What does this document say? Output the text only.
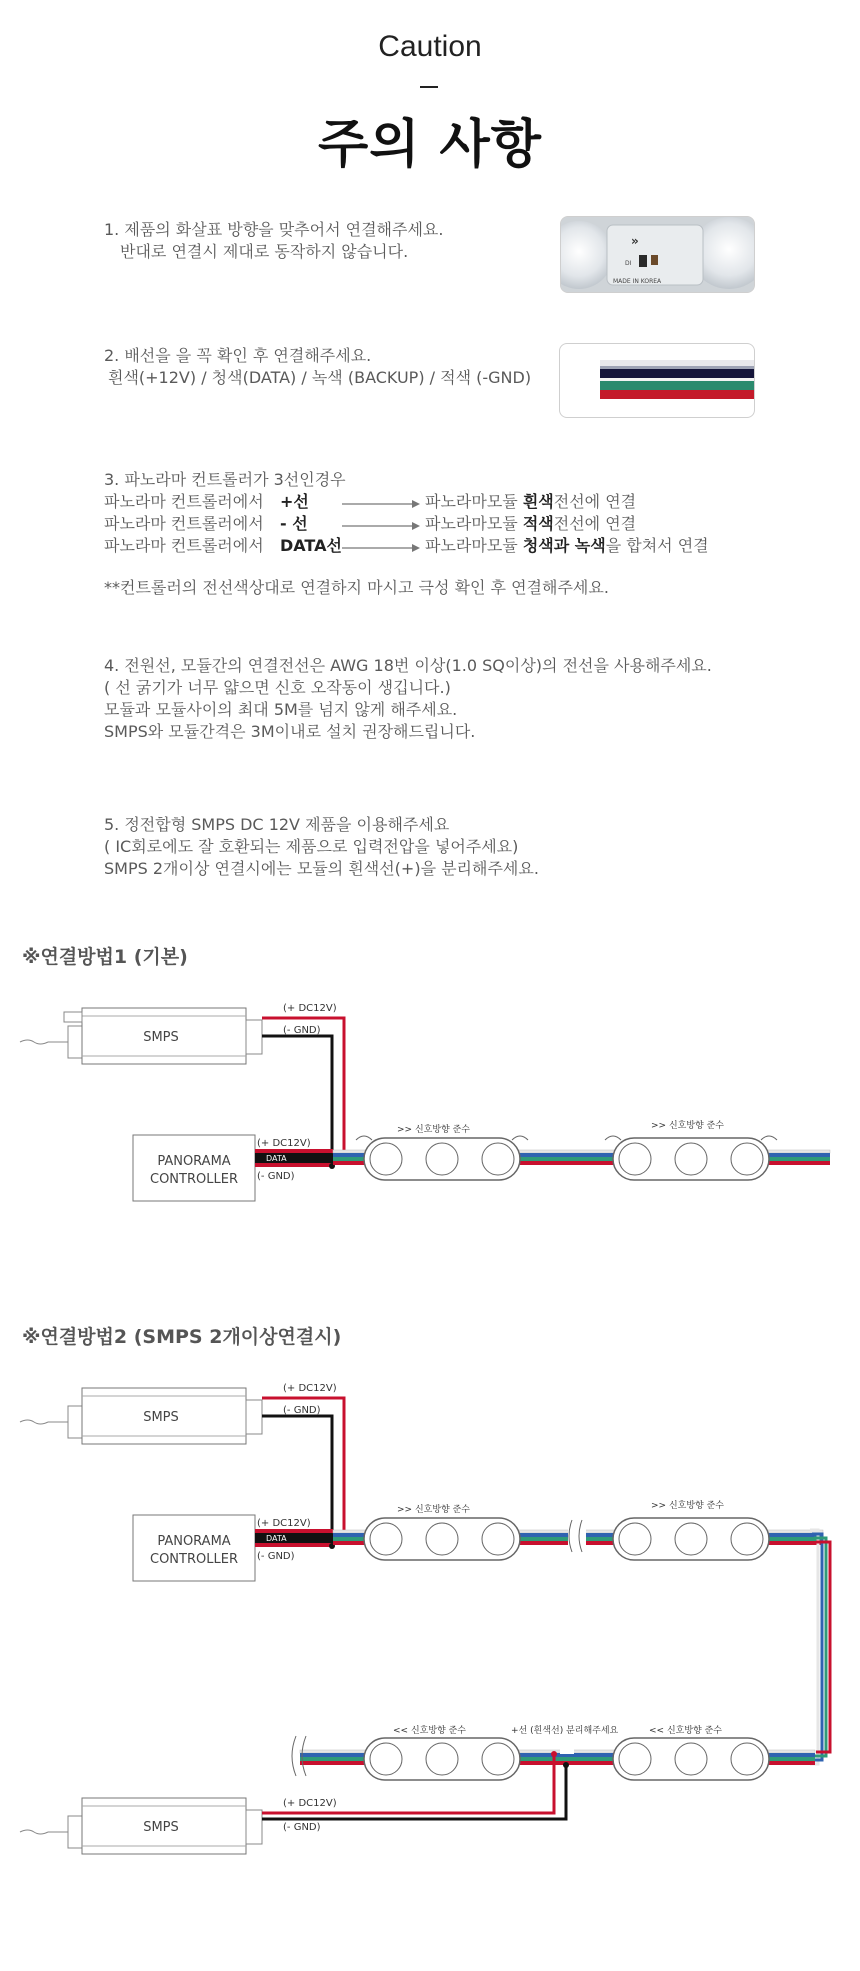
Caution
주의 사항
1. 제품의 화살표 방향을 맞추어서 연결해주세요.
반대로 연결시 제대로 동작하지 않습니다.
»
DI
MADE IN KOREA
2. 배선을 을 꼭 확인 후 연결해주세요.
흰색(+12V) / 청색(DATA) / 녹색 (BACKUP) / 적색 (-GND)
3. 파노라마 컨트롤러가 3선인경우
파노라마 컨트롤러에서 +선	파노라마모듈 흰색전선에 연결
파노라마 컨트롤러에서 - 선	파노라마모듈 적색전선에 연결
파노라마 컨트롤러에서 DATA선	파노라마모듈 청색과 녹색을 합쳐서 연결
**컨트롤러의 전선색상대로 연결하지 마시고 극성 확인 후 연결해주세요.
4. 전원선, 모듈간의 연결전선은 AWG 18번 이상(1.0 SQ이상)의 전선을 사용해주세요.
( 선 굵기가 너무 얇으면 신호 오작동이 생깁니다.)
모듈과 모듈사이의 최대 5M를 넘지 않게 해주세요.
SMPS와 모듈간격은 3M이내로 설치 권장해드립니다.
5. 정전합형 SMPS DC 12V 제품을 이용해주세요
( IC회로에도 잘 호환되는 제품으로 입력전압을 넣어주세요)
SMPS 2개이상 연결시에는 모듈의 흰색선(+)을 분리해주세요.
※연결방법1 (기본)
SMPS
(+ DC12V)
(- GND)
PANORAMA
CONTROLLER
(+ DC12V)
(- GND)
DATA
>> 신호방향 준수	>> 신호방향 준수
※연결방법2 (SMPS 2개이상연결시)
SMPS
(+ DC12V)
(- GND)
PANORAMA
CONTROLLER
(+ DC12V)
(- GND)
DATA
>> 신호방향 준수	>> 신호방향 준수
<< 신호방향 준수	<< 신호방향 준수
+선 (흰색선) 분리해주세요
SMPS
(+ DC12V)
(- GND)
